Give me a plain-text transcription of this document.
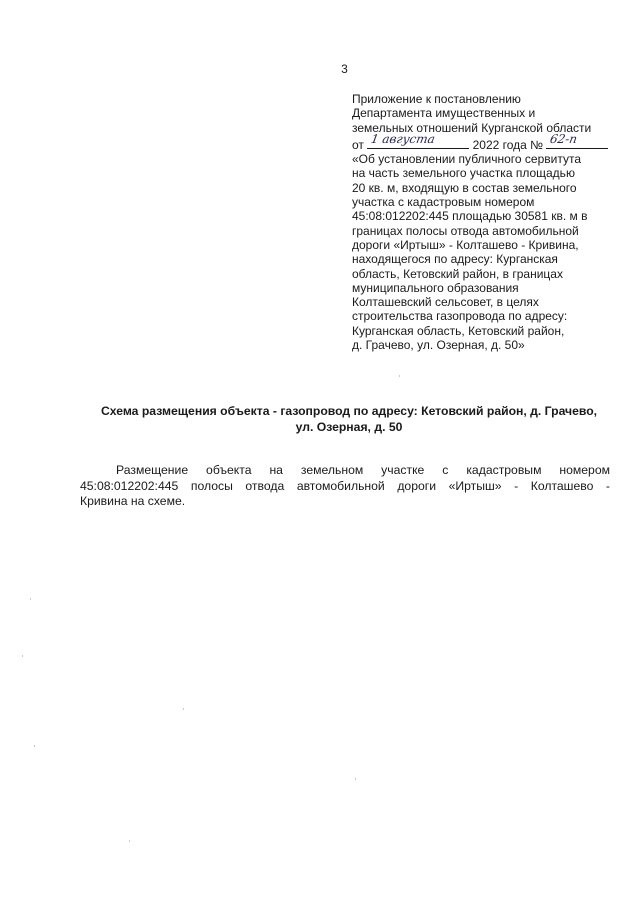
3
Приложение к постановлению
Департамента имущественных и
земельных отношений Курганской области
от 1 августа	2022 года № 62-п
«Об установлении публичного сервитута
на часть земельного участка площадью
20 кв. м, входящую в состав земельного
участка с кадастровым номером
45:08:012202:445 площадью 30581 кв. м в
границах полосы отвода автомобильной
дороги «Иртыш» - Колташево - Кривина,
находящегося по адресу: Курганская
область, Кетовский район, в границах
муниципального образования
Колташевский сельсовет, в целях
строительства газопровода по адресу:
Курганская область, Кетовский район,
д. Грачево, ул. Озерная, д. 50»
Схема размещения объекта - газопровод по адресу: Кетовский район, д. Грачево,
ул. Озерная, д. 50
Размещение объекта на земельном участке с кадастровым номером
45:08:012202:445 полосы отвода автомобильной дороги «Иртыш» - Колташево -
Кривина на схеме.
